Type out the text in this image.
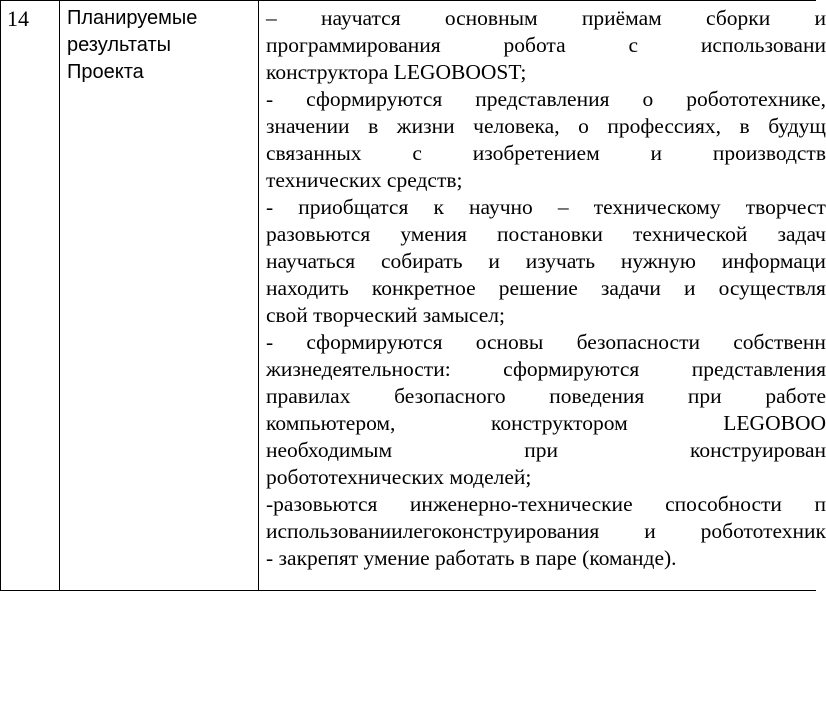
14 Планируемые
результаты
Проекта
– научатся основным приёмам сборки и
программирования	робота	с	использовани
конструктора LEGOBOOST;
- сформируются представления о робототехнике,
значении в жизни человека, о профессиях, в будущ
связанных с изобретением и производств
технических средств;
- приобщатся к научно – техническому творчест
разовьются умения постановки технической задач
научаться собирать и изучать нужную информаци
находить конкретное решение задачи и осуществля
свой творческий замысел;
- сформируются основы безопасности собственн
жизнедеятельности: сформируются представления
правилах безопасного поведения при работе
компьютером,	конструктором	LEGOBOO
необходимым	при	конструирован
робототехнических моделей;
-разовьются инженерно-технические способности п
использованиилегоконструирования и робототехник
- закрепят умение работать в паре (команде).
